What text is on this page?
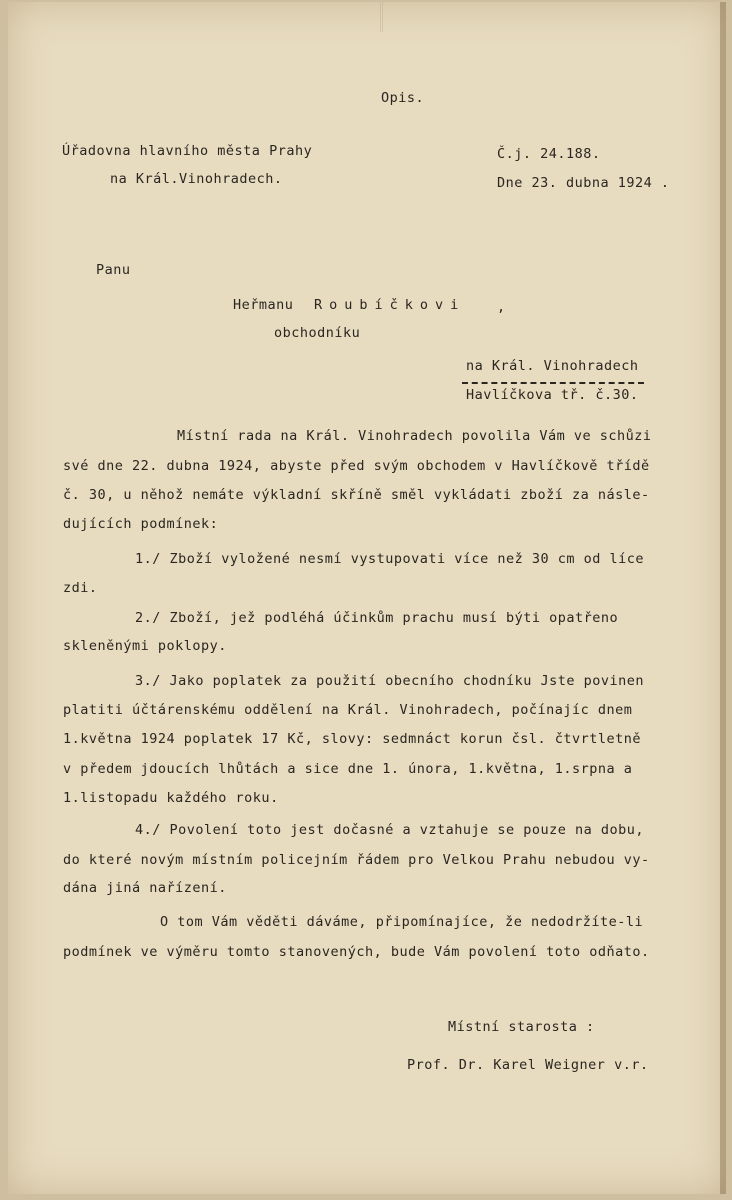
Opis.

Úřadovna hlavního města Prahy

na Král.Vinohradech.

Č.j. 24.188.

Dne 23. dubna 1924 .

Panu

Heřmanu Roubíčkovi ,

obchodníku

na Král. Vinohradech

Havlíčkova tř. č.30.

Místní rada na Král. Vinohradech povolila Vám ve schůzi

své dne 22. dubna 1924, abyste před svým obchodem v Havlíčkově třídě

č. 30, u něhož nemáte výkladní skříně směl vykládati zboží za násle-

dujících podmínek:

1./ Zboží vyložené nesmí vystupovati více než 30 cm od líce

zdi.

2./ Zboží, jež podléhá účinkům prachu musí býti opatřeno

skleněnými poklopy.

3./ Jako poplatek za použití obecního chodníku Jste povinen

platiti účtárenskému oddělení na Král. Vinohradech, počínajíc dnem

1.května 1924 poplatek 17 Kč, slovy: sedmnáct korun čsl. čtvrtletně

v předem jdoucích lhůtách a sice dne 1. února, 1.května, 1.srpna a

1.listopadu každého roku.

4./ Povolení toto jest dočasné a vztahuje se pouze na dobu,

do které novým místním policejním řádem pro Velkou Prahu nebudou vy-

dána jiná nařízení.

O tom Vám věděti dáváme, připomínajíce, že nedodržíte-li

podmínek ve výměru tomto stanovených, bude Vám povolení toto odňato.

Místní starosta :

Prof. Dr. Karel Weigner v.r.
